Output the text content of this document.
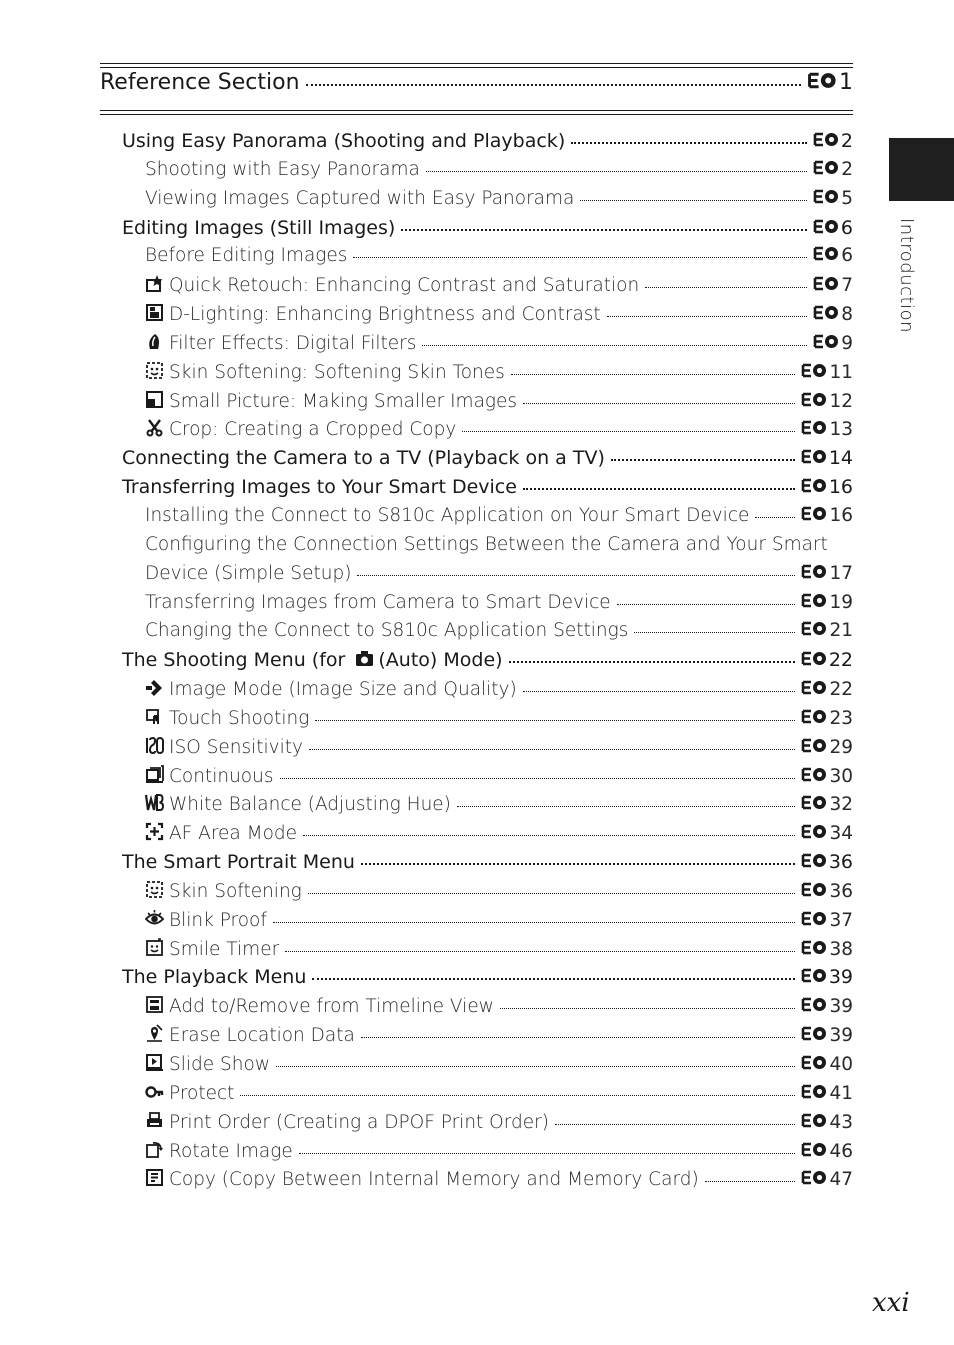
Reference Section	1
Using Easy Panorama (Shooting and Playback)	2
Shooting with Easy Panorama	2
Viewing Images Captured with Easy Panorama	5
Editing Images (Still Images)	6
Before Editing Images	6
Quick Retouch: Enhancing Contrast and Saturation	7
D-Lighting: Enhancing Brightness and Contrast	8
Filter Effects: Digital Filters	9
Skin Softening: Softening Skin Tones	11
Small Picture: Making Smaller Images	12
Crop: Creating a Cropped Copy	13
Connecting the Camera to a TV (Playback on a TV)	14
Transferring Images to Your Smart Device	16
Installing the Connect to S810c Application on Your Smart Device	16
Configuring the Connection Settings Between the Camera and Your Smart
Device (Simple Setup)	17
Transferring Images from Camera to Smart Device	19
Changing the Connect to S810c Application Settings	21
The Shooting Menu (for (Auto) Mode)	22
Image Mode (Image Size and Quality)	22
Touch Shooting	23
ISO Sensitivity	29
Continuous	30
White Balance (Adjusting Hue)	32
AF Area Mode	34
The Smart Portrait Menu	36
Skin Softening	36
Blink Proof	37
Smile Timer	38
The Playback Menu	39
Add to/Remove from Timeline View	39
Erase Location Data	39
Slide Show	40
Protect	41
Print Order (Creating a DPOF Print Order)	43
Rotate Image	46
Copy (Copy Between Internal Memory and Memory Card)	47
Introduction
xxi
